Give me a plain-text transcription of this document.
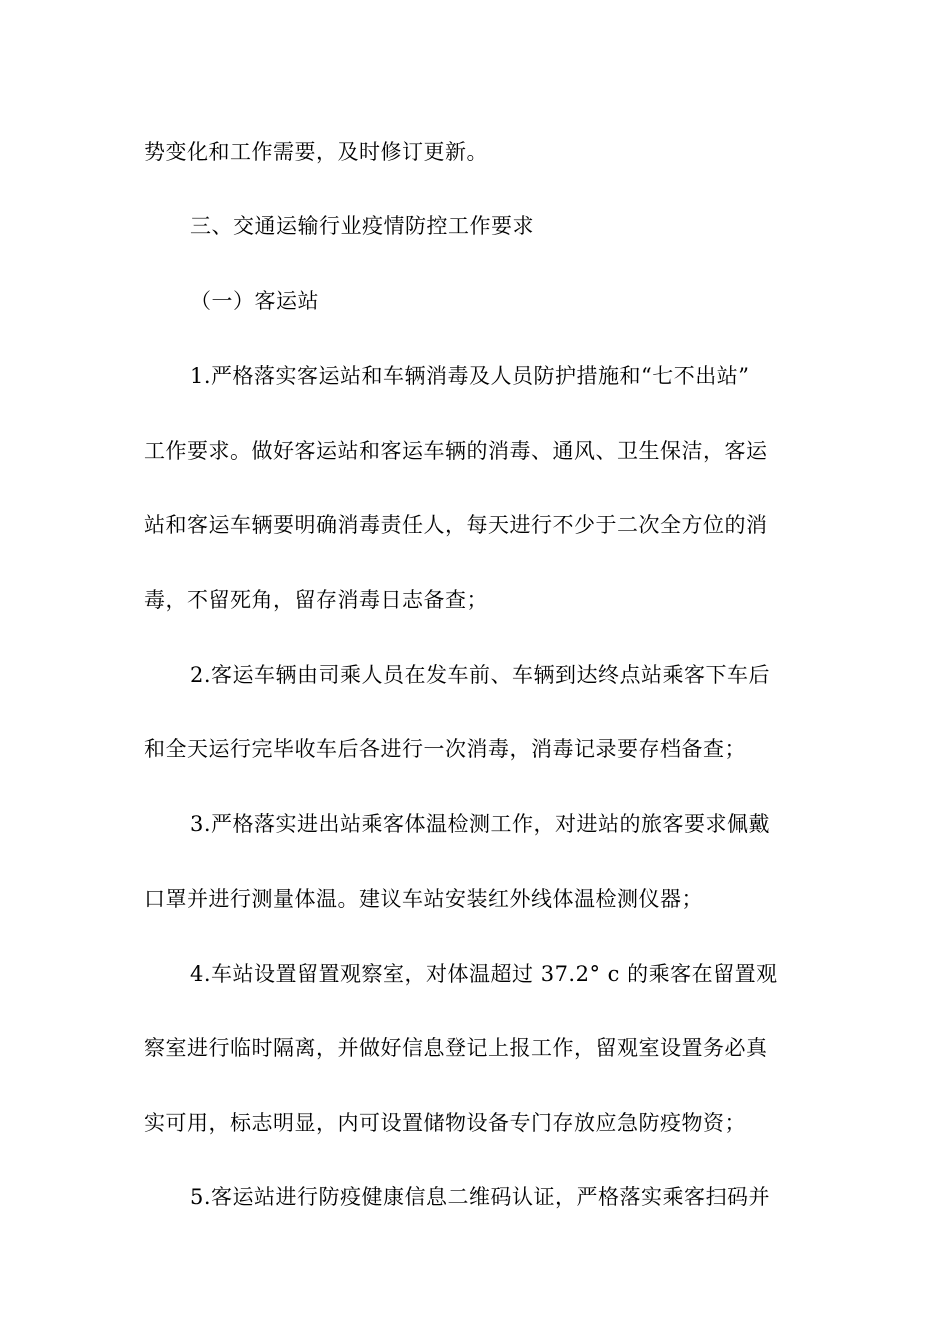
势变化和工作需要，及时修订更新。
三、交通运输行业疫情防控工作要求
（一）客运站
1.严格落实客运站和车辆消毒及人员防护措施和“七不出站”
工作要求。做好客运站和客运车辆的消毒、通风、卫生保洁，客运
站和客运车辆要明确消毒责任人，每天进行不少于二次全方位的消
毒，不留死角，留存消毒日志备查；
2.客运车辆由司乘人员在发车前、车辆到达终点站乘客下车后
和全天运行完毕收车后各进行一次消毒，消毒记录要存档备查；
3.严格落实进出站乘客体温检测工作，对进站的旅客要求佩戴
口罩并进行测量体温。建议车站安装红外线体温检测仪器；
4.车站设置留置观察室，对体温超过 37.2° c 的乘客在留置观
察室进行临时隔离，并做好信息登记上报工作，留观室设置务必真
实可用，标志明显，内可设置储物设备专门存放应急防疫物资；
5.客运站进行防疫健康信息二维码认证，严格落实乘客扫码并
